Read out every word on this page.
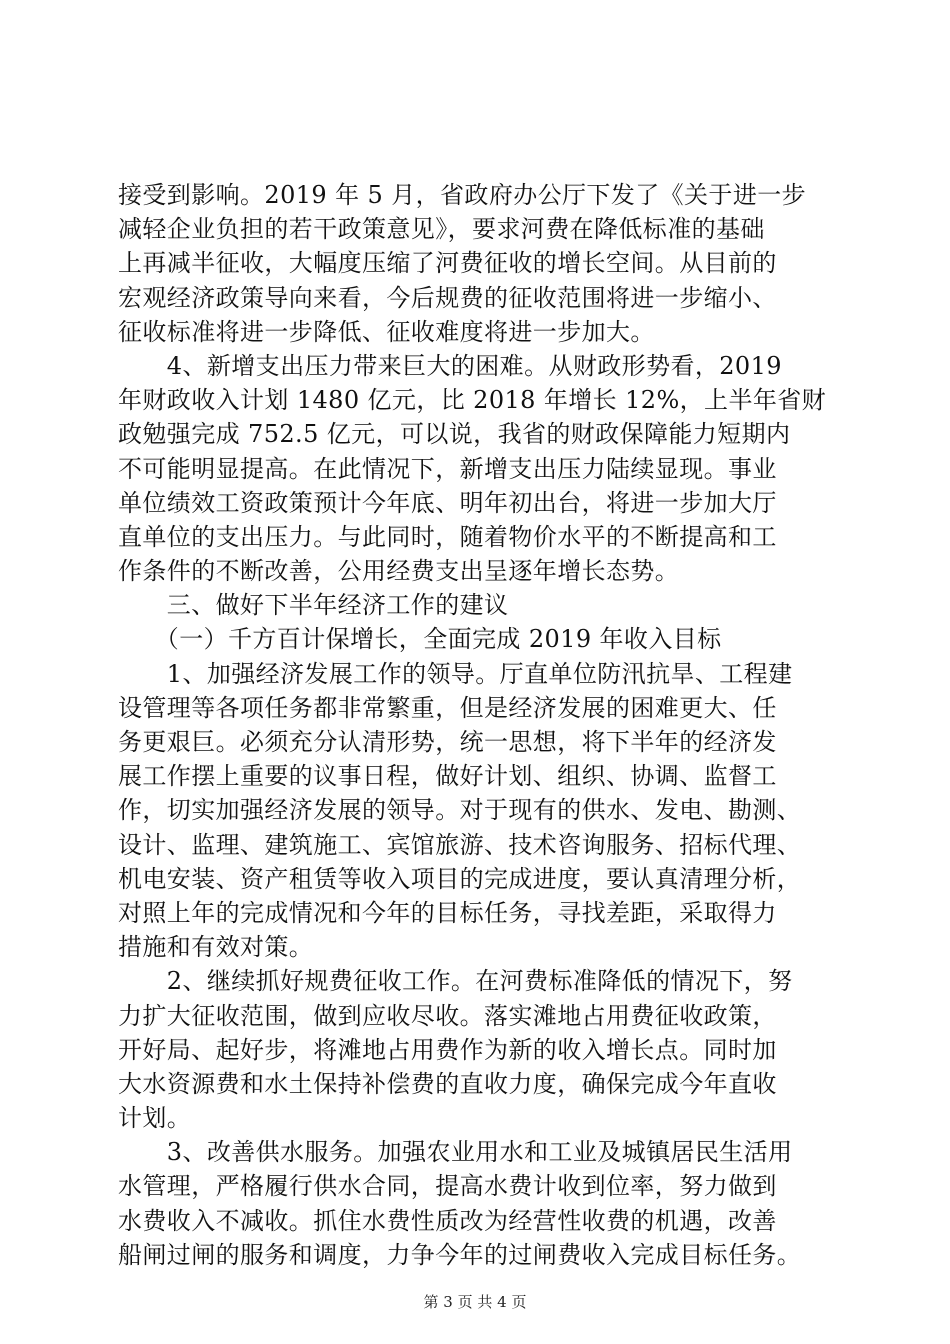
接受到影响。2019 年 5 月，省政府办公厅下发了《关于进一步
减轻企业负担的若干政策意见》，要求河费在降低标准的基础
上再减半征收，大幅度压缩了河费征收的增长空间。从目前的
宏观经济政策导向来看，今后规费的征收范围将进一步缩小、
征收标准将进一步降低、征收难度将进一步加大。
　　4、新增支出压力带来巨大的困难。从财政形势看，2019
年财政收入计划 1480 亿元，比 2018 年增长 12%，上半年省财
政勉强完成 752.5 亿元，可以说，我省的财政保障能力短期内
不可能明显提高。在此情况下，新增支出压力陆续显现。事业
单位绩效工资政策预计今年底、明年初出台，将进一步加大厅
直单位的支出压力。与此同时，随着物价水平的不断提高和工
作条件的不断改善，公用经费支出呈逐年增长态势。
　　三、做好下半年经济工作的建议
　　（一）千方百计保增长，全面完成 2019 年收入目标
　　1、加强经济发展工作的领导。厅直单位防汛抗旱、工程建
设管理等各项任务都非常繁重，但是经济发展的困难更大、任
务更艰巨。必须充分认清形势，统一思想，将下半年的经济发
展工作摆上重要的议事日程，做好计划、组织、协调、监督工
作，切实加强经济发展的领导。对于现有的供水、发电、勘测、
设计、监理、建筑施工、宾馆旅游、技术咨询服务、招标代理、
机电安装、资产租赁等收入项目的完成进度，要认真清理分析，
对照上年的完成情况和今年的目标任务，寻找差距，采取得力
措施和有效对策。
　　2、继续抓好规费征收工作。在河费标准降低的情况下，努
力扩大征收范围，做到应收尽收。落实滩地占用费征收政策，
开好局、起好步，将滩地占用费作为新的收入增长点。同时加
大水资源费和水土保持补偿费的直收力度，确保完成今年直收
计划。
　　3、改善供水服务。加强农业用水和工业及城镇居民生活用
水管理，严格履行供水合同，提高水费计收到位率，努力做到
水费收入不减收。抓住水费性质改为经营性收费的机遇，改善
船闸过闸的服务和调度，力争今年的过闸费收入完成目标任务。
第 3 页 共 4 页
